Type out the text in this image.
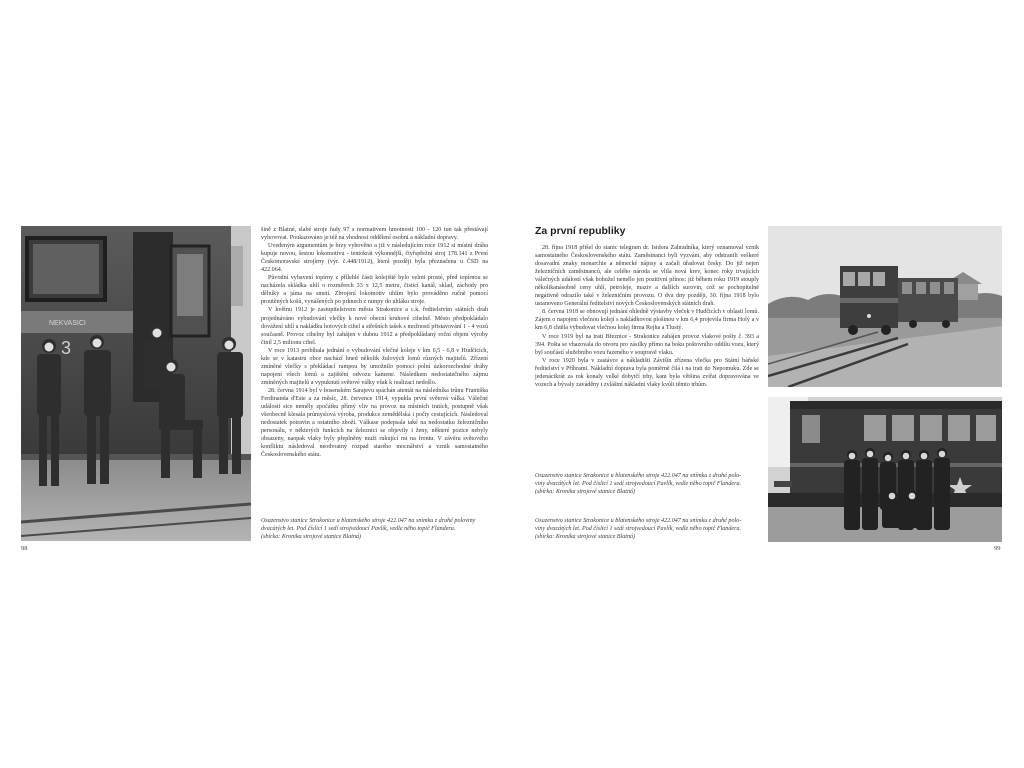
NEKVASICI
3

šině z Blatné, slabé stroje řady 97 s normativem hmotnosti 100 - 120 tun tak přestávají vyhovovat. Poukazováno je též na vhodnost oddělení osobní a nákladní dopravy.

Uvedeným argumentům je brzy vyhověno a již v následujícím roce 1912 si místní dráha kupuje novou, šestou lokomotivu - tentokrát výkonnější, čtyřspřežní stroj 178.141 z První Českomoravské strojírny (výr. č.448/1912), která později byla přeznačena u ČSD na 422.064.

Původní vybavení topírny z přílehlé části kolejiště bylo velmi prosté, před topírnou se nacházela skládka uhlí o rozměrech 33 x 12,5 metru, čisticí kanál, sklad, záchody pro dělníky a jáma na smetí. Zbrojení lokomotiv uhlím bylo prováděno ručně pomocí proutěných košů, vynášených po prknech z rampy do uhláku stroje.

V květnu 1912 je zastupitelstvem města Strakonice a c.k. ředitelstvím státních drah projednáváno vybudování vlečky k nové obecní kruhové cihelně. Město předpokládalo dovážení uhlí a nakládku hotových cihel a střešních tašek s možností přistavování 1 - 4 vozů současně. Provoz cihelny byl zahájen v dubnu 1912 a předpokládaný roční objem výroby činil 2,5 milionu cihel.

V roce 1913 probíhala jednání o vybudování vlečné koleje v km 6,5 - 6,8 v Hudčicích, kde se v katastru obce nachází hned několik žulových lomů různých majitelů. Zřízení zmíněné vlečky s překládací rampou by umožnilo pomocí polní úzkorozchodné dráhy napojení všech lomů a zajištění odvozu kamene. Následkem nedostatečného zájmu zmíněných majitelů a vypuknutí světové války však k realizaci nedošlo.

28. června 1914 byl v bosenském Sarajevu spáchán atentát na následníka trůnu Františka Ferdinanda d'Este a za měsíc, 28. července 1914, vypukla první světová válka. Válečné události sice neměly zpočátku přímý vliv na provoz na místních tratích, postupně však všeobecně klesala průmyslová výroba, produkce zemědělská i počty cestujících. Následoval nedostatek potravin a ostatního zboží. Válkase podepsala také na nedostatku železničního personálu, v některých funkcích na železnici se objevily i ženy, některé pozice nebyly obsazeny, naopak vlaky byly přeplněny muži rukující mi na frontu. V závěru světového konfliktu následoval neodvratný rozpad starého mocnářství a vznik samostatného Československého státu.

Osazenstvo stanice Strakonice u blatenského stroje 422.047 na snímku z druhé poloviny
dvacátých let. Pod číslicí 1 sedí strojvedoucí Pavlík, vedle něho topič Flandera.
(sbírka: Kronika strojové stanice Blatná)
98
Za první republiky

28. října 1918 přišel do stanic telegram dr. Isidora Zahradníka, který oznamoval vznik samostatného Československého státu. Zaměstnanci byli vyzváni, aby odstranili veškeré dosavadní znaky monarchie a německé nápisy a začali úřadovat česky. Do již nejen železničních zaměstnanců, ale celého národa se vlila nová krev, konec roky trvajících válečných událostí však bohužel nemělo jen pozitivní přínos: již během roku 1919 stouply několikanásobně ceny uhlí, petroleje, maziv a dalších surovin, což se pochopitelně negativně odrazilo také v železničním provozu. O dva dny později, 30. října 1918 bylo ustanoveno Generální ředitelství nových Československých státních drah.

8. června 1918 se obnovují jednání ohledně výstavby vleček v Hudčicích v oblasti lomů. Zájem o napojení vlečnou kolejí s nakládkovou plošinou v km 6,4 projevila firma Holý a v km 6,8 chtěla vybudovat vlečnou kolej firma Rejha a Tlustý.

V roce 1919 byl na trati Březnice - Strakonice zahájen provoz vlakové pošty č. 393 a 394. Pošta se vhazovala do otvoru pro zásilky přímo na boku poštovního oddílu vozu, který byl součástí služebního vozu řazeného v soupravě vlaku.

V roce 1920 byla v zastávce a nákladišti Závišín zřízena vlečka pro Státní báňské ředitelství v Příbrami. Nákladní doprava byla poměrně čilá i na trati do Nepomuku. Zde se jedenáctkrát za rok konaly velké dobytčí trhy, kam byla většina zvířat dopravována ve vozech a bývaly zaváděny i zvláštní nákladní vlaky kvůli těmto trhům.

Osazenstvo stanice Strakonice u blatenského stroje 422.047 na snímku z druhé polo-
viny dvacátých let. Pod číslicí 1 sedí strojvedoucí Pavlík, vedle něho topič Flandera.
(sbírka: Kronika strojové stanice Blatná)
Osazenstvo stanice Strakonice u blatenského stroje 422.047 na snímku z druhé polo-
viny dvacátých let. Pod číslicí 1 sedí strojvedoucí Pavlík, vedle něho topič Flandera.
(sbírka: Kronika strojové stanice Blatná)
99
